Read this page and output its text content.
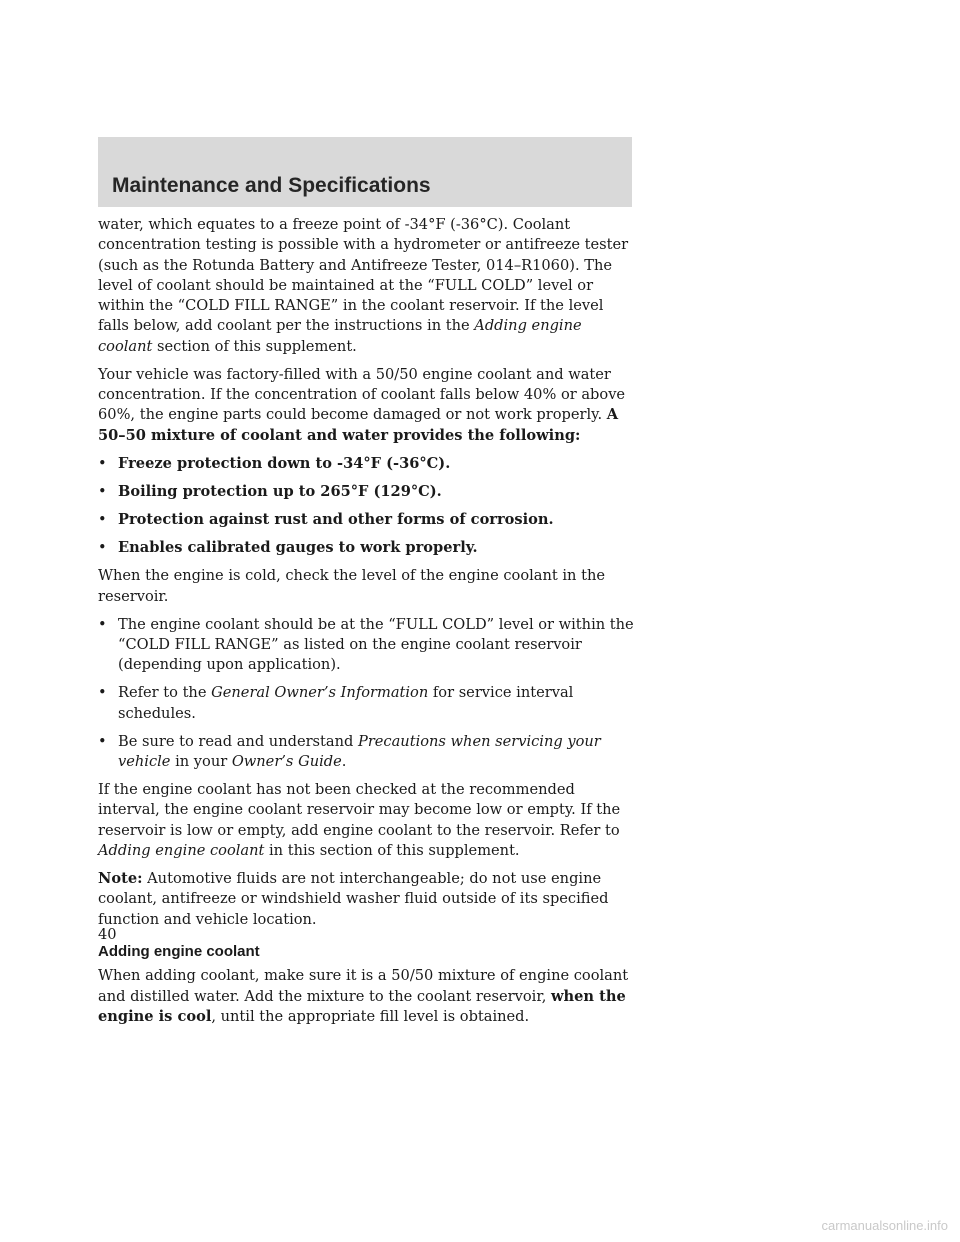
Maintenance and Specifications

water, which equates to a freeze point of -34°F (-36°C). Coolant concentration testing is possible with a hydrometer or antifreeze tester (such as the Rotunda Battery and Antifreeze Tester, 014–R1060). The level of coolant should be maintained at the “FULL COLD” level or within the “COLD FILL RANGE” in the coolant reservoir. If the level falls below, add coolant per the instructions in the Adding engine coolant section of this supplement.

Your vehicle was factory-filled with a 50/50 engine coolant and water concentration. If the concentration of coolant falls below 40% or above 60%, the engine parts could become damaged or not work properly. A 50–50 mixture of coolant and water provides the following:

• Freeze protection down to -34°F (-36°C).
• Boiling protection up to 265°F (129°C).
• Protection against rust and other forms of corrosion.
• Enables calibrated gauges to work properly.

When the engine is cold, check the level of the engine coolant in the reservoir.

• The engine coolant should be at the “FULL COLD” level or within the “COLD FILL RANGE” as listed on the engine coolant reservoir (depending upon application).
• Refer to the General Owner’s Information for service interval schedules.
• Be sure to read and understand Precautions when servicing your vehicle in your Owner’s Guide.

If the engine coolant has not been checked at the recommended interval, the engine coolant reservoir may become low or empty. If the reservoir is low or empty, add engine coolant to the reservoir. Refer to Adding engine coolant in this section of this supplement.

Note: Automotive fluids are not interchangeable; do not use engine coolant, antifreeze or windshield washer fluid outside of its specified function and vehicle location.

Adding engine coolant

When adding coolant, make sure it is a 50/50 mixture of engine coolant and distilled water. Add the mixture to the coolant reservoir, when the engine is cool, until the appropriate fill level is obtained.

40
carmanualsonline.info
